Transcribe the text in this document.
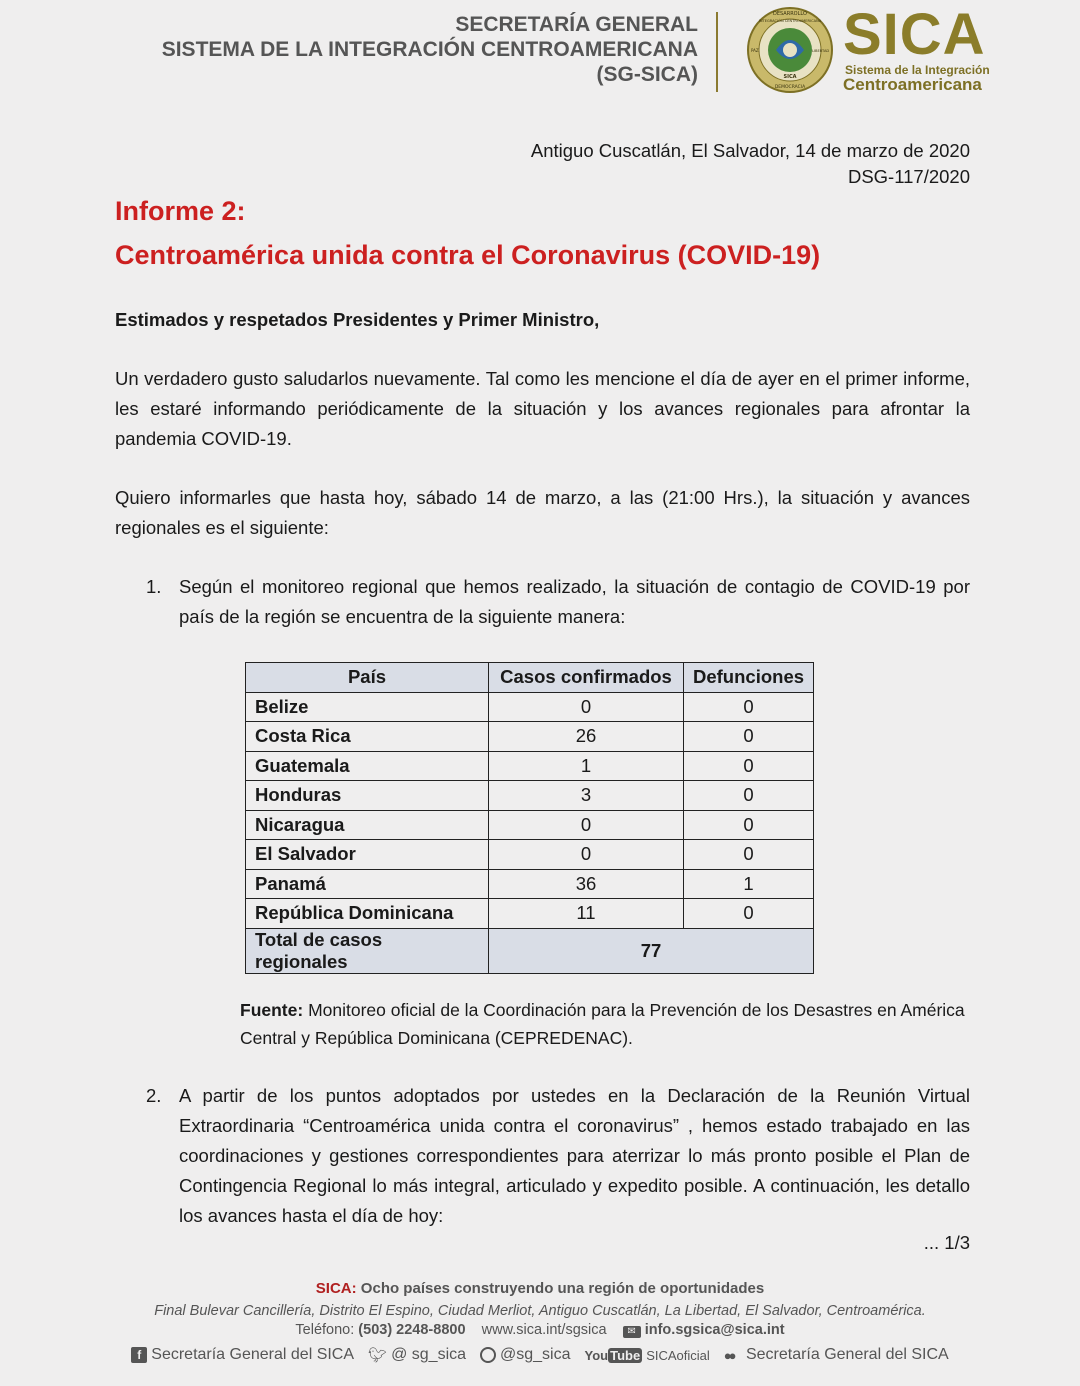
SECRETARÍA GENERAL
SISTEMA DE LA INTEGRACIÓN CENTROAMERICANA
(SG-SICA)
DESARROLLO
INTEGRACIÓN CENTROAMERICANA
PAZ	LIBERTAD
SICA
DEMOCRACIA
SICA
Sistema de la Integración
Centroamericana
Antiguo Cuscatlán, El Salvador, 14 de marzo de 2020
DSG-117/2020
Informe 2:
Centroamérica unida contra el Coronavirus (COVID-19)
Estimados y respetados Presidentes y Primer Ministro,
Un verdadero gusto saludarlos nuevamente. Tal como les mencione el día de ayer en el primer informe, les estaré informando periódicamente de la situación y los avances regionales para afrontar la pandemia COVID-19.
Quiero informarles que hasta hoy, sábado 14 de marzo, a las (21:00 Hrs.), la situación y avances regionales es el siguiente:
1. Según el monitoreo regional que hemos realizado, la situación de contagio de COVID-19 por país de la región se encuentra de la siguiente manera:
País	Casos confirmados	Defunciones
Belize	0	0
Costa Rica	26	0
Guatemala	1	0
Honduras	3	0
Nicaragua	0	0
El Salvador	0	0
Panamá	36	1
República Dominicana	11	0
Total de casos regionales	77	
Fuente: Monitoreo oficial de la Coordinación para la Prevención de los Desastres en América Central y República Dominicana (CEPREDENAC).
2. A partir de los puntos adoptados por ustedes en la Declaración de la Reunión Virtual Extraordinaria “Centroamérica unida contra el coronavirus” , hemos estado trabajado en las coordinaciones y gestiones correspondientes para aterrizar lo más pronto posible el Plan de Contingencia Regional lo más integral, articulado y expedito posible. A continuación, les detallo los avances hasta el día de hoy:
... 1/3
SICA: Ocho países construyendo una región de oportunidades
Final Bulevar Cancillería, Distrito El Espino, Ciudad Merliot, Antiguo Cuscatlán, La Libertad, El Salvador, Centroamérica.
Teléfono: (503) 2248-8800 www.sica.int/sgsica ✉ info.sgsica@sica.int
f Secretaría General del SICA 🐦︎ @ sg_sica @sg_sica You Tube SICAoficial ●●
Secretaría General del SICA
